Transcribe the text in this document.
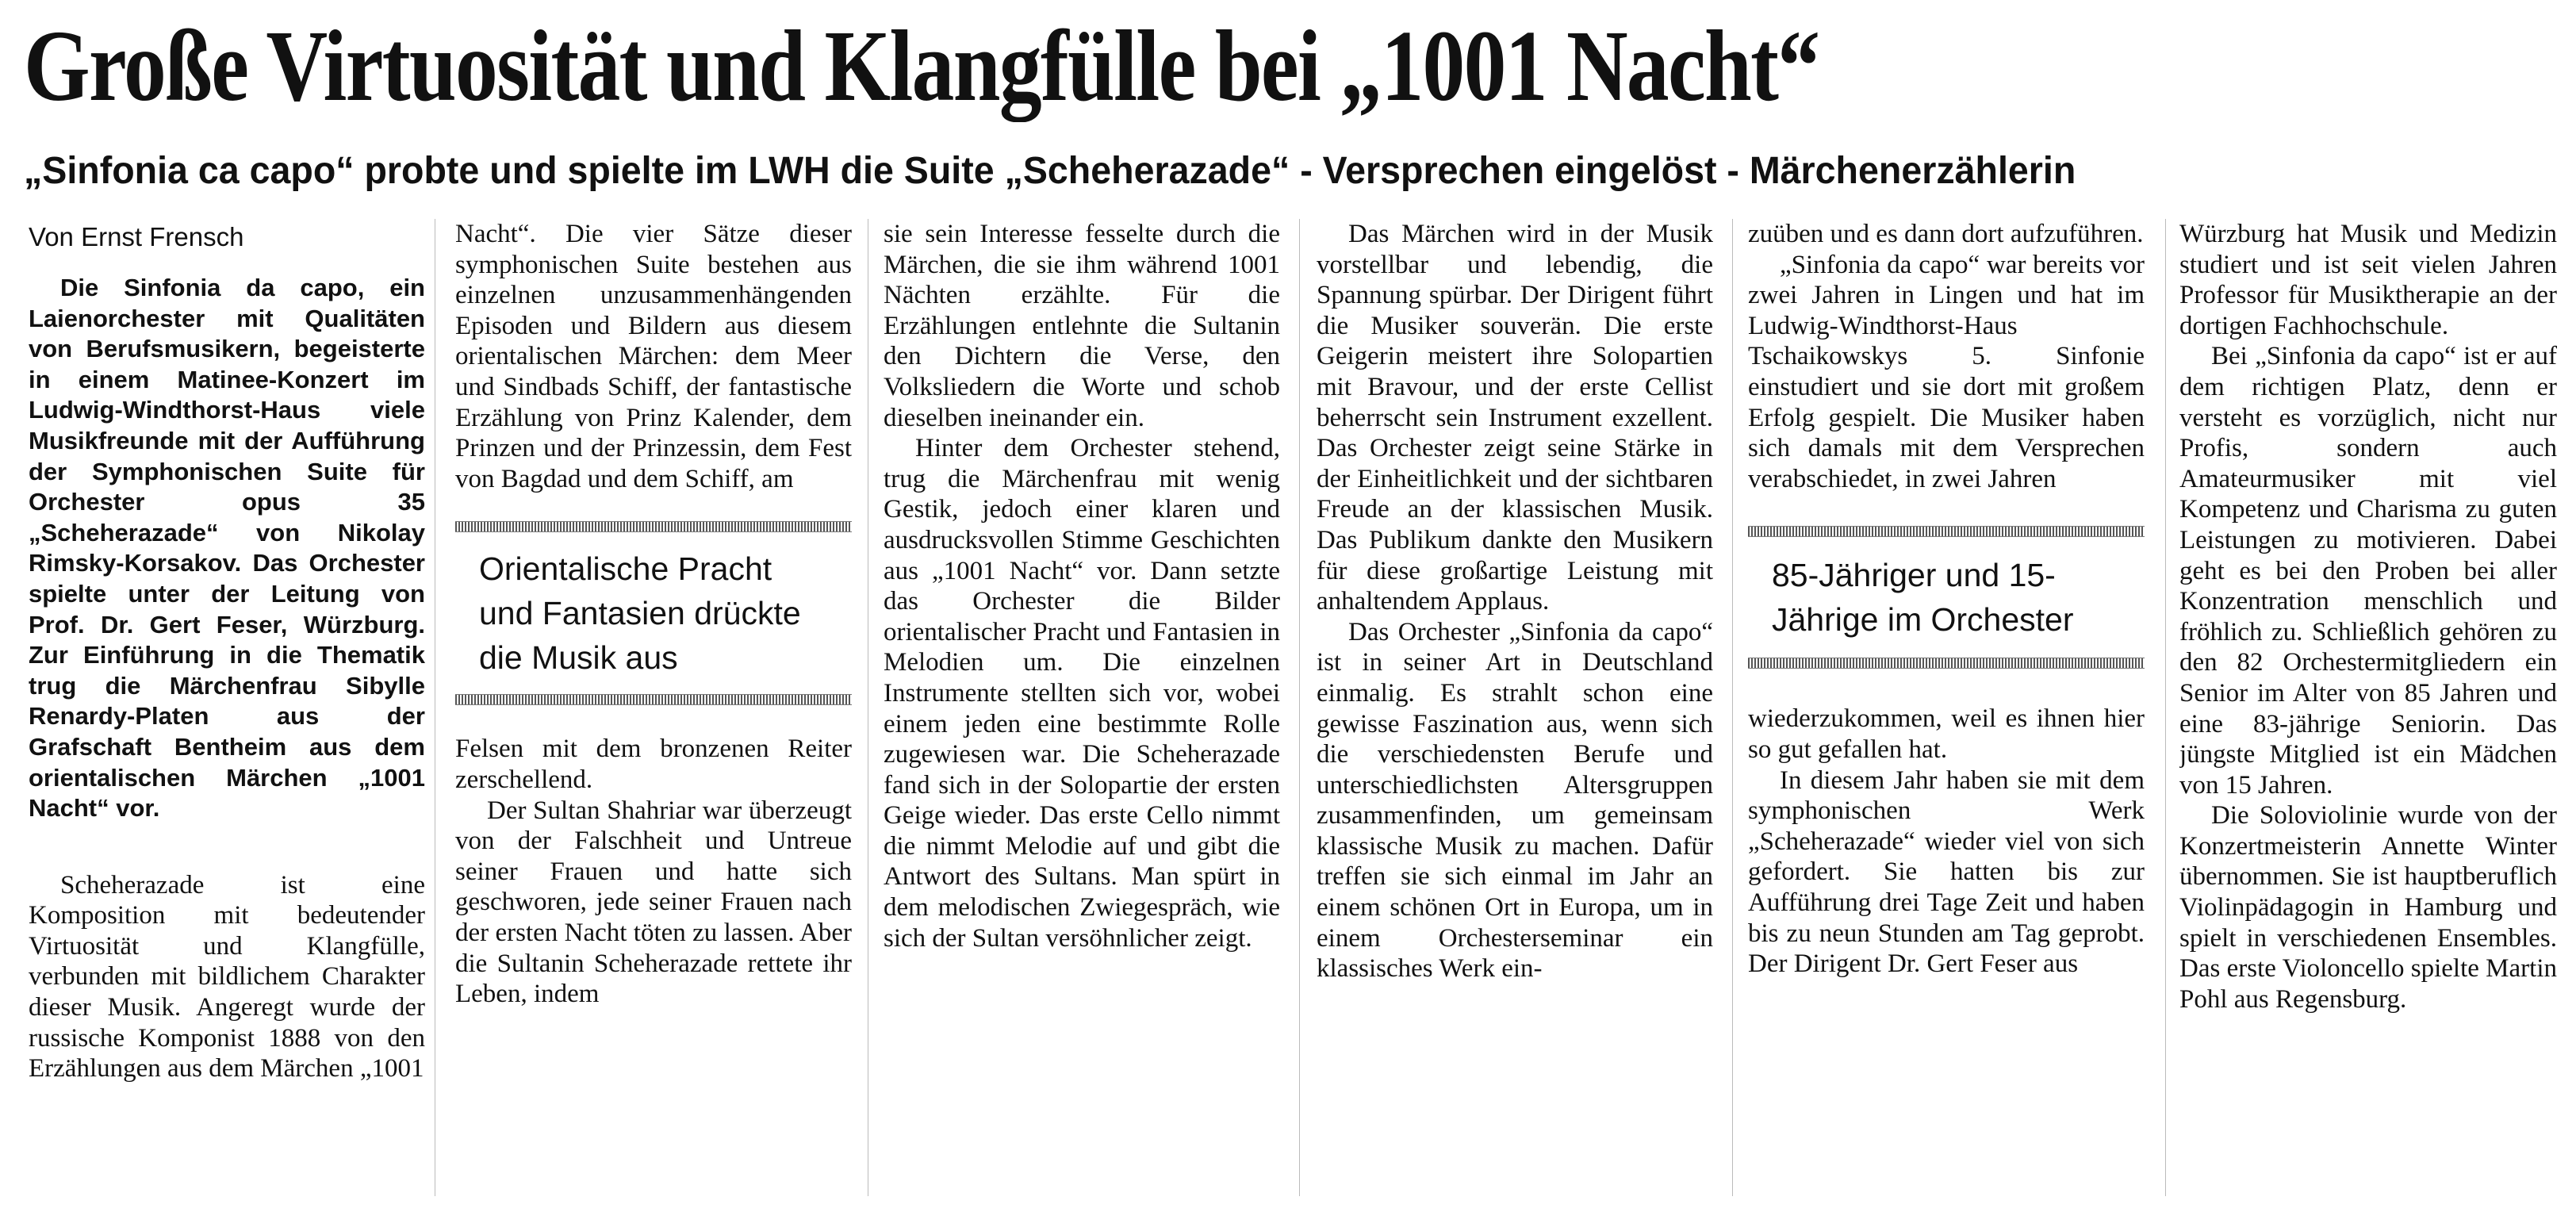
Große Virtuosität und Klangfülle bei „1001 Nacht“
„Sinfonia ca capo“ probte und spielte im LWH die Suite „Scheherazade“ - Versprechen eingelöst - Märchenerzählerin
Von Ernst Frensch

Die Sinfonia da capo, ein Laienorchester mit Qualitäten von Berufsmusikern, begeisterte in einem Matinee-Konzert im Ludwig-Windthorst-Haus viele Musikfreunde mit der Aufführung der Symphonischen Suite für Orchester opus 35 „Scheherazade“ von Nikolay Rimsky-Korsakov. Das Orchester spielte unter der Leitung von Prof. Dr. Gert Feser, Würzburg. Zur Einführung in die Thematik trug die Märchenfrau Sibylle Renardy-Platen aus der Grafschaft Bentheim aus dem orientalischen Märchen „1001 Nacht“ vor.

Scheherazade ist eine Komposition mit bedeutender Virtuosität und Klangfülle, verbunden mit bildlichem Charakter dieser Musik. Angeregt wurde der russische Komponist 1888 von den Erzählungen aus dem Märchen „1001

Nacht“. Die vier Sätze dieser symphonischen Suite bestehen aus einzelnen unzusammenhängenden Episoden und Bildern aus diesem orientalischen Märchen: dem Meer und Sindbads Schiff, der fantastische Erzählung von Prinz Kalender, dem Prinzen und der Prinzessin, dem Fest von Bagdad und dem Schiff, am

Orientalische Pracht und Fantasien drückte die Musik aus

Felsen mit dem bronzenen Reiter zerschellend.

Der Sultan Shahriar war überzeugt von der Falschheit und Untreue seiner Frauen und hatte sich geschworen, jede seiner Frauen nach der ersten Nacht töten zu lassen. Aber die Sultanin Scheherazade rettete ihr Leben, indem

sie sein Interesse fesselte durch die Märchen, die sie ihm während 1001 Nächten erzählte. Für die Erzählungen entlehnte die Sultanin den Dichtern die Verse, den Volksliedern die Worte und schob dieselben ineinander ein.

Hinter dem Orchester stehend, trug die Märchenfrau mit wenig Gestik, jedoch einer klaren und ausdrucksvollen Stimme Geschichten aus „1001 Nacht“ vor. Dann setzte das Orchester die Bilder orientalischer Pracht und Fantasien in Melodien um. Die einzelnen Instrumente stellten sich vor, wobei einem jeden eine bestimmte Rolle zugewiesen war. Die Scheherazade fand sich in der Solopartie der ersten Geige wieder. Das erste Cello nimmt die nimmt Melodie auf und gibt die Antwort des Sultans. Man spürt in dem melodischen Zwiegespräch, wie sich der Sultan versöhnlicher zeigt.

Das Märchen wird in der Musik vorstellbar und lebendig, die Spannung spürbar. Der Dirigent führt die Musiker souverän. Die erste Geigerin meistert ihre Solopartien mit Bravour, und der erste Cellist beherrscht sein Instrument exzellent. Das Orchester zeigt seine Stärke in der Einheitlichkeit und der sichtbaren Freude an der klassischen Musik. Das Publikum dankte den Musikern für diese großartige Leistung mit anhaltendem Applaus.

Das Orchester „Sinfonia da capo“ ist in seiner Art in Deutschland einmalig. Es strahlt schon eine gewisse Faszination aus, wenn sich die verschiedensten Berufe und unterschiedlichsten Altersgruppen zusammenfinden, um gemeinsam klassische Musik zu machen. Dafür treffen sie sich einmal im Jahr an einem schönen Ort in Europa, um in einem Orchesterseminar ein klassisches Werk ein-

zuüben und es dann dort aufzuführen.

„Sinfonia da capo“ war bereits vor zwei Jahren in Lingen und hat im Ludwig-Windthorst-Haus Tschaikowskys 5. Sinfonie einstudiert und sie dort mit großem Erfolg gespielt. Die Musiker haben sich damals mit dem Versprechen verabschiedet, in zwei Jahren

85-Jähriger und 15-Jährige im Orchester

wiederzukommen, weil es ihnen hier so gut gefallen hat.

In diesem Jahr haben sie mit dem symphonischen Werk „Scheherazade“ wieder viel von sich gefordert. Sie hatten bis zur Aufführung drei Tage Zeit und haben bis zu neun Stunden am Tag geprobt. Der Dirigent Dr. Gert Feser aus

Würzburg hat Musik und Medizin studiert und ist seit vielen Jahren Professor für Musiktherapie an der dortigen Fachhochschule.

Bei „Sinfonia da capo“ ist er auf dem richtigen Platz, denn er versteht es vorzüglich, nicht nur Profis, sondern auch Amateurmusiker mit viel Kompetenz und Charisma zu guten Leistungen zu motivieren. Dabei geht es bei den Proben bei aller Konzentration menschlich und fröhlich zu. Schließlich gehören zu den 82 Orchestermitgliedern ein Senior im Alter von 85 Jahren und eine 83-jährige Seniorin. Das jüngste Mitglied ist ein Mädchen von 15 Jahren.

Die Soloviolinie wurde von der Konzertmeisterin Annette Winter übernommen. Sie ist hauptberuflich Violinpädagogin in Hamburg und spielt in verschiedenen Ensembles. Das erste Violoncello spielte Martin Pohl aus Regensburg.
